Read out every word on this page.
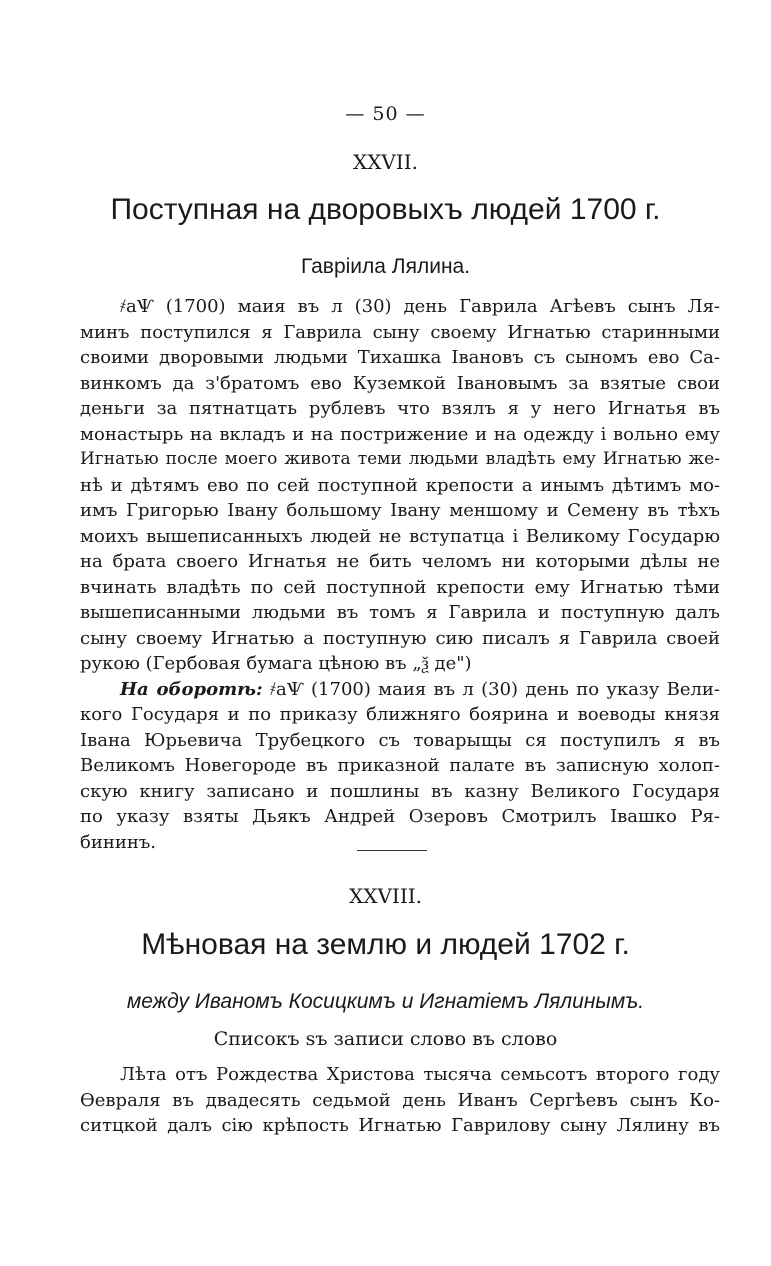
— 50 —
XXVII.
Поступная на дворовыхъ людей 1700 г.
Гаврiила Лялина.
҂аѰ (1700) маия въ л (30) день Гаврила Агѣевъ сынъ Ля-
минъ поступился я Гаврила сыну своему Игнатью старинными
своими дворовыми людьми Тихашка Івановъ съ сыномъ ево Са-
винкомъ да з'братомъ ево Куземкой Івановымъ за взятые свои
деньги за пятнатцать рублевъ что взялъ я у него Игнатья въ
монастырь на вкладъ и на пострижение и на одежду і вольно ему
Игнатью после моего живота теми людьми владѣть ему Игнатью же-
нѣ и дѣтямъ ево по сей поступной крепости а инымъ дѣтимъ мо-
имъ Григорью Івану большому Івану меншому и Семену въ тѣхъ
моихъ вышеписанныхъ людей не вступатца і Великому Государю
на брата своего Игнатья не бить челомъ ни которыми дѣлы не
вчинать владѣть по сей поступной крепости ему Игнатью тѣми
вышеписанными людьми въ томъ я Гаврила и поступную далъ
сыну своему Игнатью а поступную сию писалъ я Гаврила своей
рукою (Гербовая бумага цѣною въ „ѯ де")
На оборотѣ: ҂аѰ (1700) маия въ л (30) день по указу Вели-
кого Государя и по приказу ближняго боярина и воеводы князя
Івана Юрьевича Трубецкого съ товарыщы ся поступилъ я въ
Великомъ Новегороде въ приказной палате въ записную холоп-
скую книгу записано и пошлины въ казну Великого Государя
по указу взяты Дьякъ Андрей Озеровъ Смотрилъ Івашко Ря-
бининъ.
XXVIII.
Мѣновая на землю и людей 1702 г.
между Иваномъ Косицкимъ и Игнатiемъ Лялинымъ.
Списокъ ѕъ записи слово въ слово
Лѣта отъ Рождества Христова тысяча семьсотъ второго году
Өевраля въ двадесять седьмой день Иванъ Сергѣевъ сынъ Ко-
ситцкой далъ сiю крѣпость Игнатью Гаврилову сыну Лялину въ
